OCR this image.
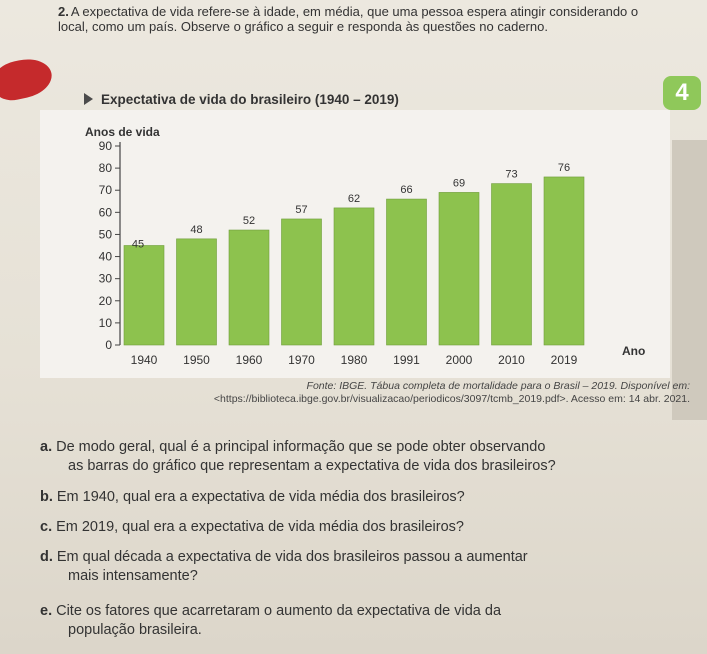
2. A expectativa de vida refere-se à idade, em média, que uma pessoa espera atingir considerando o local, como um país. Observe o gráfico a seguir e responda às questões no caderno.
4
Expectativa de vida do brasileiro (1940 – 2019)
Anos de vida
0
10
20
30
40
50
60
70
80
90
45
1940
48
1950
52
1960
57
1970
62
1980
66
1991
69
2000
73
2010
76
2019
Ano
Fonte: IBGE. Tábua completa de mortalidade para o Brasil – 2019. Disponível em:
<https://biblioteca.ibge.gov.br/visualizacao/periodicos/3097/tcmb_2019.pdf>. Acesso em: 14 abr. 2021.
a. De modo geral, qual é a principal informação que se pode obter observando
as barras do gráfico que representam a expectativa de vida dos brasileiros?
b. Em 1940, qual era a expectativa de vida média dos brasileiros?
c. Em 2019, qual era a expectativa de vida média dos brasileiros?
d. Em qual década a expectativa de vida dos brasileiros passou a aumentar
mais intensamente?
e. Cite os fatores que acarretaram o aumento da expectativa de vida da
população brasileira.
